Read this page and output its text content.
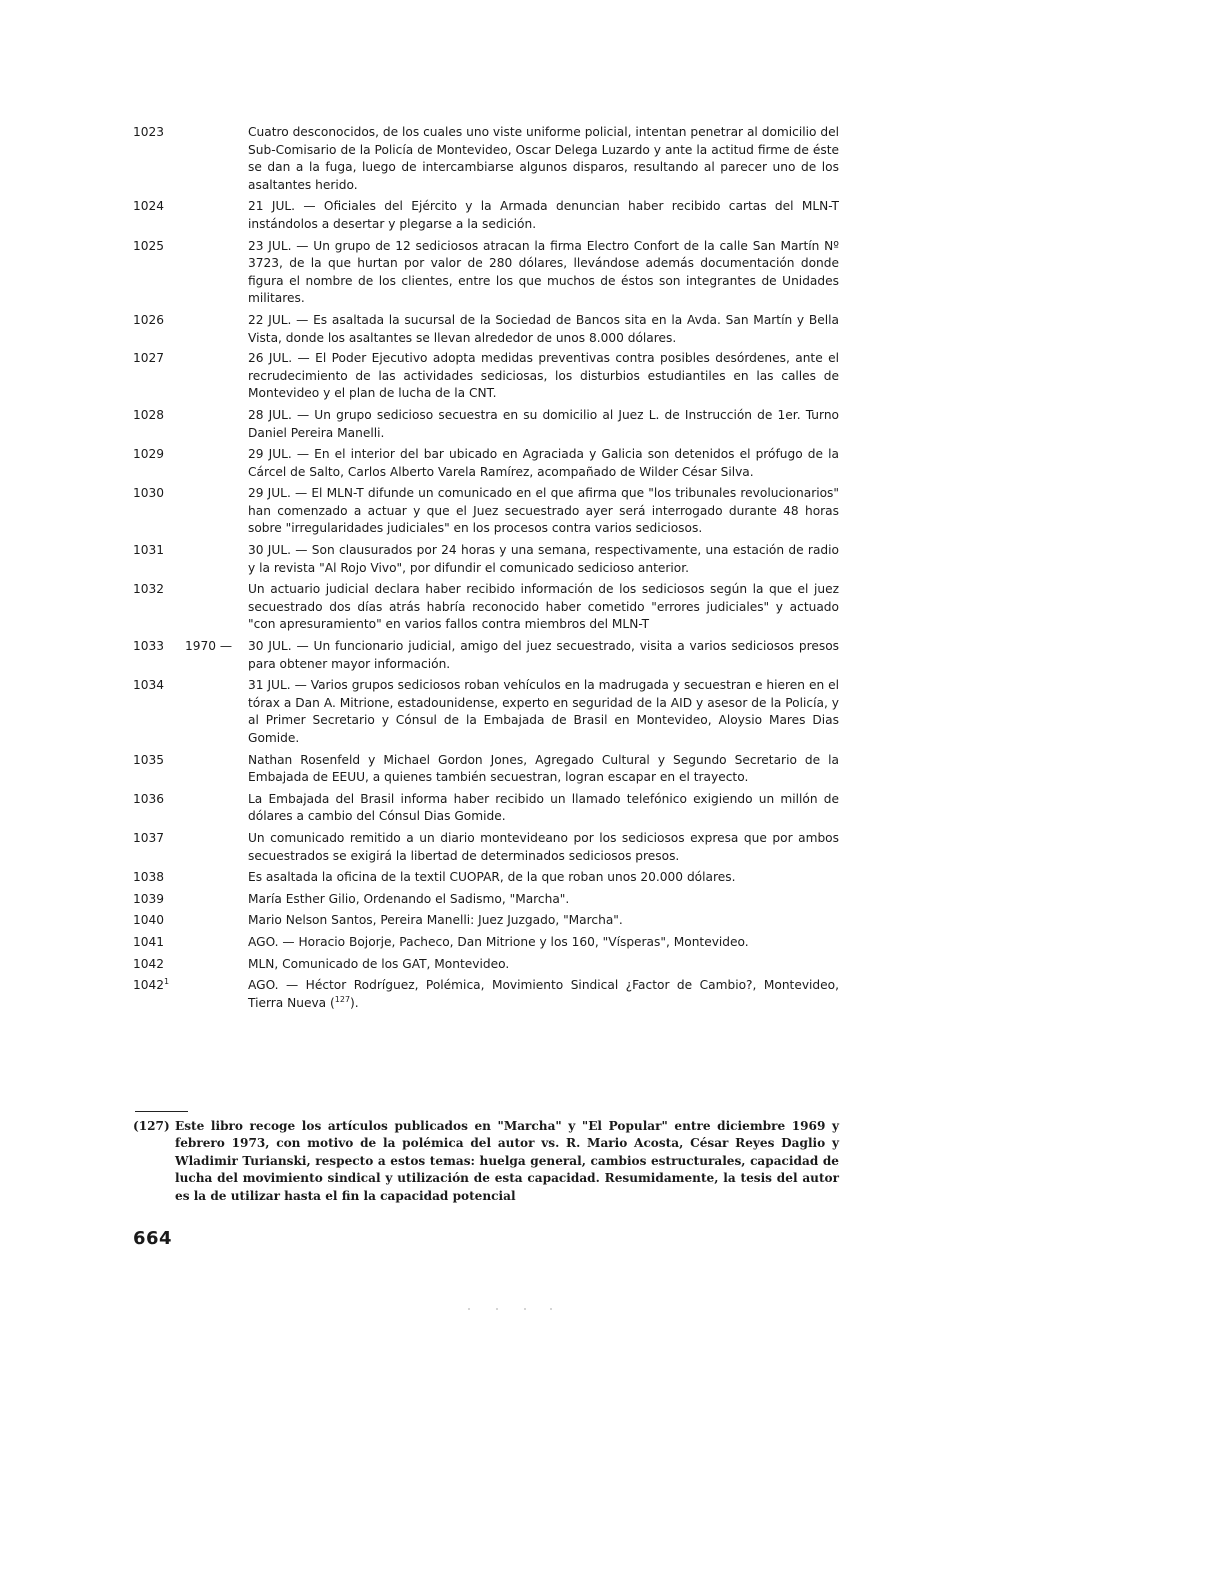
1023	Cuatro desconocidos, de los cuales uno viste uniforme policial, intentan penetrar al domicilio del Sub-Comisario de la Policía de Montevideo, Oscar Delega Luzardo y ante la actitud firme de éste se dan a la fuga, luego de intercambiarse algunos disparos, resultando al parecer uno de los asaltantes herido.
1024	21 JUL. — Oficiales del Ejército y la Armada denuncian haber recibido cartas del MLN-T instándolos a desertar y plegarse a la sedición.
1025	23 JUL. — Un grupo de 12 sediciosos atracan la firma Electro Confort de la calle San Martín Nº 3723, de la que hurtan por valor de 280 dólares, llevándose además documentación donde figura el nombre de los clientes, entre los que muchos de éstos son integrantes de Unidades militares.
1026	22 JUL. — Es asaltada la sucursal de la Sociedad de Bancos sita en la Avda. San Martín y Bella Vista, donde los asaltantes se llevan alrededor de unos 8.000 dólares.
1027	26 JUL. — El Poder Ejecutivo adopta medidas preventivas contra posibles desórdenes, ante el recrudecimiento de las actividades sediciosas, los disturbios estudiantiles en las calles de Montevideo y el plan de lucha de la CNT.
1028	28 JUL. — Un grupo sedicioso secuestra en su domicilio al Juez L. de Instrucción de 1er. Turno Daniel Pereira Manelli.
1029	29 JUL. — En el interior del bar ubicado en Agraciada y Galicia son detenidos el prófugo de la Cárcel de Salto, Carlos Alberto Varela Ramírez, acompañado de Wilder César Silva.
1030	29 JUL. — El MLN-T difunde un comunicado en el que afirma que "los tribunales revolucionarios" han comenzado a actuar y que el Juez secuestrado ayer será interrogado durante 48 horas sobre "irregularidades judiciales" en los procesos contra varios sediciosos.
1031	30 JUL. — Son clausurados por 24 horas y una semana, respectivamente, una estación de radio y la revista "Al Rojo Vivo", por difundir el comunicado sedicioso anterior.
1032	Un actuario judicial declara haber recibido información de los sediciosos según la que el juez secuestrado dos días atrás habría reconocido haber cometido "errores judiciales" y actuado "con apresuramiento" en varios fallos contra miembros del MLN-T
1033	1970 —	30 JUL. — Un funcionario judicial, amigo del juez secuestrado, visita a varios sediciosos presos para obtener mayor información.
1034	31 JUL. — Varios grupos sediciosos roban vehículos en la madrugada y secuestran e hieren en el tórax a Dan A. Mitrione, estadounidense, experto en seguridad de la AID y asesor de la Policía, y al Primer Secretario y Cónsul de la Embajada de Brasil en Montevideo, Aloysio Mares Dias Gomide.
1035	Nathan Rosenfeld y Michael Gordon Jones, Agregado Cultural y Segundo Secretario de la Embajada de EEUU, a quienes también secuestran, logran escapar en el trayecto.
1036	La Embajada del Brasil informa haber recibido un llamado telefónico exigiendo un millón de dólares a cambio del Cónsul Dias Gomide.
1037	Un comunicado remitido a un diario montevideano por los sediciosos expresa que por ambos secuestrados se exigirá la libertad de determinados sediciosos presos.
1038	Es asaltada la oficina de la textil CUOPAR, de la que roban unos 20.000 dólares.
1039	María Esther Gilio, Ordenando el Sadismo, "Marcha".
1040	Mario Nelson Santos, Pereira Manelli: Juez Juzgado, "Marcha".
1041	AGO. — Horacio Bojorje, Pacheco, Dan Mitrione y los 160, "Vísperas", Montevideo.
1042	MLN, Comunicado de los GAT, Montevideo.
1042$^1$	AGO. — Héctor Rodríguez, Polémica, Movimiento Sindical ¿Factor de Cambio?, Montevideo, Tierra Nueva ($^{127}$).
(127) Este libro recoge los artículos publicados en "Marcha" y "El Popular" entre diciembre 1969 y febrero 1973, con motivo de la polémica del autor vs. R. Mario Acosta, César Reyes Daglio y Wladimir Turianski, respecto a estos temas: huelga general, cambios estructurales, capacidad de lucha del movimiento sindical y utilización de esta capacidad. Resumidamente, la tesis del autor es la de utilizar hasta el fin la capacidad potencial
664
